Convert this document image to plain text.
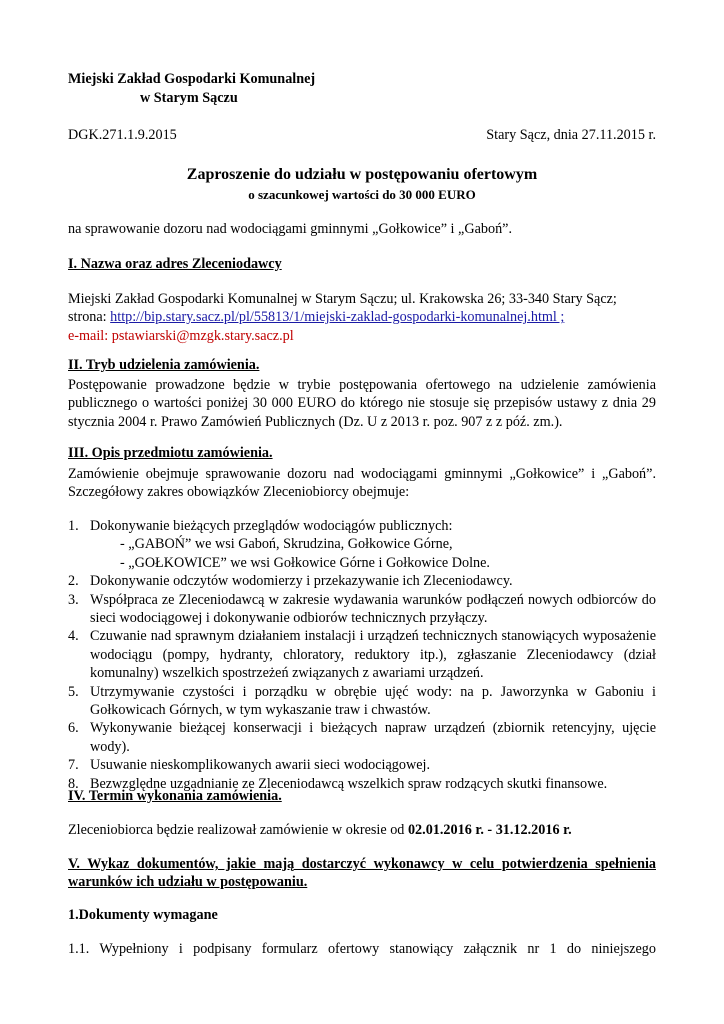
Miejski Zakład Gospodarki Komunalnej
w Starym Sączu
DGK.271.1.9.2015	Stary Sącz, dnia 27.11.2015 r.
Zaproszenie do udziału w postępowaniu ofertowym
o szacunkowej wartości do 30 000 EURO
na sprawowanie dozoru nad wodociągami gminnymi „Gołkowice” i „Gaboń”.
I. Nazwa oraz adres Zleceniodawcy
Miejski Zakład Gospodarki Komunalnej w Starym Sączu; ul. Krakowska 26; 33-340 Stary Sącz;
strona: http://bip.stary.sacz.pl/pl/55813/1/miejski-zaklad-gospodarki-komunalnej.html ;
e-mail: pstawiarski@mzgk.stary.sacz.pl
II. Tryb udzielenia zamówienia.
Postępowanie prowadzone będzie w trybie postępowania ofertowego na udzielenie zamówienia publicznego o wartości poniżej 30 000 EURO do którego nie stosuje się przepisów ustawy z dnia 29 stycznia 2004 r. Prawo Zamówień Publicznych (Dz. U z 2013 r. poz. 907 z z póź. zm.).
III. Opis przedmiotu zamówienia.
Zamówienie obejmuje sprawowanie dozoru nad wodociągami gminnymi „Gołkowice” i „Gaboń”. Szczegółowy zakres obowiązków Zleceniobiorcy obejmuje:
1. Dokonywanie bieżących przeglądów wodociągów publicznych:
- „GABOŃ” we wsi Gaboń, Skrudzina, Gołkowice Górne,
- „GOŁKOWICE” we wsi Gołkowice Górne i Gołkowice Dolne.
2. Dokonywanie odczytów wodomierzy i przekazywanie ich Zleceniodawcy.
3. Współpraca ze Zleceniodawcą w zakresie wydawania warunków podłączeń nowych odbiorców do sieci wodociągowej i dokonywanie odbiorów technicznych przyłączy.
4. Czuwanie nad sprawnym działaniem instalacji i urządzeń technicznych stanowiących wyposażenie wodociągu (pompy, hydranty, chloratory, reduktory itp.), zgłaszanie Zleceniodawcy (dział komunalny) wszelkich spostrzeżeń związanych z awariami urządzeń.
5. Utrzymywanie czystości i porządku w obrębie ujęć wody: na p. Jaworzynka w Gaboniu i Gołkowicach Górnych, w tym wykaszanie traw i chwastów.
6. Wykonywanie bieżącej konserwacji i bieżących napraw urządzeń (zbiornik retencyjny, ujęcie wody).
7. Usuwanie nieskomplikowanych awarii sieci wodociągowej.
8. Bezwzględne uzgadnianie ze Zleceniodawcą wszelkich spraw rodzących skutki finansowe.
IV. Termin wykonania zamówienia.
Zleceniobiorca będzie realizował zamówienie w okresie od 02.01.2016 r. - 31.12.2016 r.
V. Wykaz dokumentów, jakie mają dostarczyć wykonawcy w celu potwierdzenia spełnienia warunków ich udziału w postępowaniu.
1.Dokumenty wymagane
1.1. Wypełniony i podpisany formularz ofertowy stanowiący załącznik nr 1 do niniejszego
